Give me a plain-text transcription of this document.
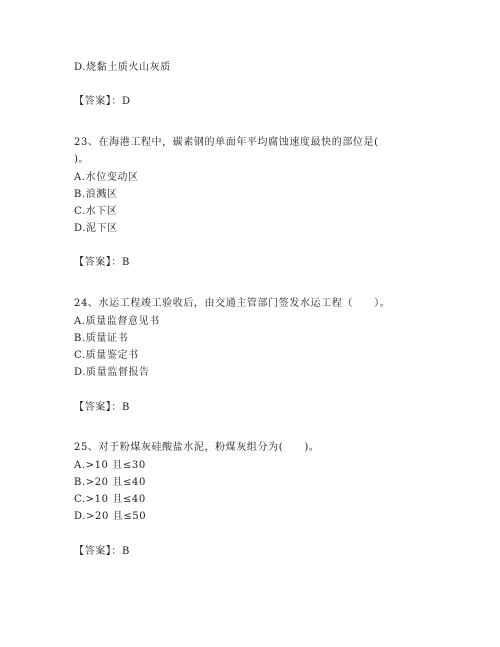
D.烧黏土质火山灰质
【答案】：D
23、在海港工程中，碳素钢的单面年平均腐蚀速度最快的部位是(
)。
A.水位变动区
B.浪溅区
C.水下区
D.泥下区
【答案】：B
24、水运工程竣工验收后，由交通主管部门签发水运工程（　　）。
A.质量监督意见书
B.质量证书
C.质量鉴定书
D.质量监督报告
【答案】：B
25、对于粉煤灰硅酸盐水泥，粉煤灰组分为(　　)。
A.>10 且≤30
B.>20 且≤40
C.>10 且≤40
D.>20 且≤50
【答案】：B
